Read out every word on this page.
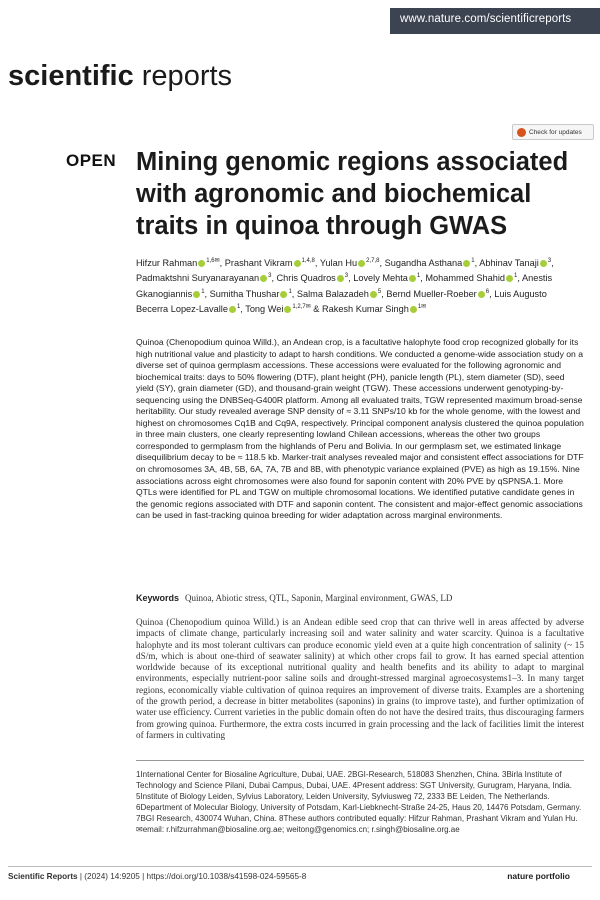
www.nature.com/scientificreports
scientific reports
Check for updates
OPEN Mining genomic regions associated with agronomic and biochemical traits in quinoa through GWAS
Hifzur Rahman $^{1,6✉}$, Prashant Vikram $^{1,4,8}$, Yulan Hu $^{2,7,8}$, Sugandha Asthana $^1$, Abhinav Tanaji $^3$, Padmaktshni Suryanarayanan $^3$, Chris Quadros $^3$, Lovely Mehta $^1$, Mohammed Shahid $^1$, Anestis Gkanogiannis $^1$, Sumitha Thushar $^1$, Salma Balazadeh $^5$, Bernd Mueller-Roeber $^6$, Luis Augusto Becerra Lopez-Lavalle $^1$, Tong Wei $^{1,2,7✉}$ & Rakesh Kumar Singh $^{1✉}$

Quinoa (Chenopodium quinoa Willd.), an Andean crop, is a facultative halophyte food crop recognized globally for its high nutritional value and plasticity to adapt to harsh conditions. We conducted a genome-wide association study on a diverse set of quinoa germplasm accessions. These accessions were evaluated for the following agronomic and biochemical traits: days to 50% flowering (DTF), plant height (PH), panicle length (PL), stem diameter (SD), seed yield (SY), grain diameter (GD), and thousand-grain weight (TGW). These accessions underwent genotyping-by-sequencing using the DNBSeq-G400R platform. Among all evaluated traits, TGW represented maximum broad-sense heritability. Our study revealed average SNP density of ≈ 3.11 SNPs/10 kb for the whole genome, with the lowest and highest on chromosomes Cq1B and Cq9A, respectively. Principal component analysis clustered the quinoa population in three main clusters, one clearly representing lowland Chilean accessions, whereas the other two groups corresponded to germplasm from the highlands of Peru and Bolivia. In our germplasm set, we estimated linkage disequilibrium decay to be ≈ 118.5 kb. Marker-trait analyses revealed major and consistent effect associations for DTF on chromosomes 3A, 4B, 5B, 6A, 7A, 7B and 8B, with phenotypic variance explained (PVE) as high as 19.15%. Nine associations across eight chromosomes were also found for saponin content with 20% PVE by qSPNSA.1. More QTLs were identified for PL and TGW on multiple chromosomal locations. We identified putative candidate genes in the genomic regions associated with DTF and saponin content. The consistent and major-effect genomic associations can be used in fast-tracking quinoa breeding for wider adaptation across marginal environments.

Keywords Quinoa, Abiotic stress, QTL, Saponin, Marginal environment, GWAS, LD

Quinoa (Chenopodium quinoa Willd.) is an Andean edible seed crop that can thrive well in areas affected by adverse impacts of climate change, particularly increasing soil and water salinity and water scarcity. Quinoa is a facultative halophyte and its most tolerant cultivars can produce economic yield even at a quite high concentration of salinity (~ 15 dS/m, which is about one-third of seawater salinity) at which other crops fail to grow. It has earned special attention worldwide because of its exceptional nutritional quality and health benefits and its ability to adapt to marginal environments, especially nutrient-poor saline soils and drought-stressed marginal agroecosystems1–3. In many target regions, economically viable cultivation of quinoa requires an improvement of diverse traits. Examples are a shortening of the growth period, a decrease in bitter metabolites (saponins) in grains (to improve taste), and further optimization of water use efficiency. Current varieties in the public domain often do not have the desired traits, thus discouraging farmers from growing quinoa. Furthermore, the extra costs incurred in grain processing and the lack of facilities limit the interest of farmers in cultivating

1International Center for Biosaline Agriculture, Dubai, UAE. 2BGI-Research, 518083 Shenzhen, China. 3Birla Institute of Technology and Science Pilani, Dubai Campus, Dubai, UAE. 4Present address: SGT University, Gurugram, Haryana, India. 5Institute of Biology Leiden, Sylvius Laboratory, Leiden University, Sylviusweg 72, 2333 BE Leiden, The Netherlands. 6Department of Molecular Biology, University of Potsdam, Karl-Liebknecht-Straße 24-25, Haus 20, 14476 Potsdam, Germany. 7BGI Research, 430074 Wuhan, China. 8These authors contributed equally: Hifzur Rahman, Prashant Vikram and Yulan Hu. ✉email: r.hifzurrahman@biosaline.org.ae; weitong@genomics.cn; r.singh@biosaline.org.ae
Scientific Reports | (2024) 14:9205 | https://doi.org/10.1038/s41598-024-59565-8	nature portfolio
